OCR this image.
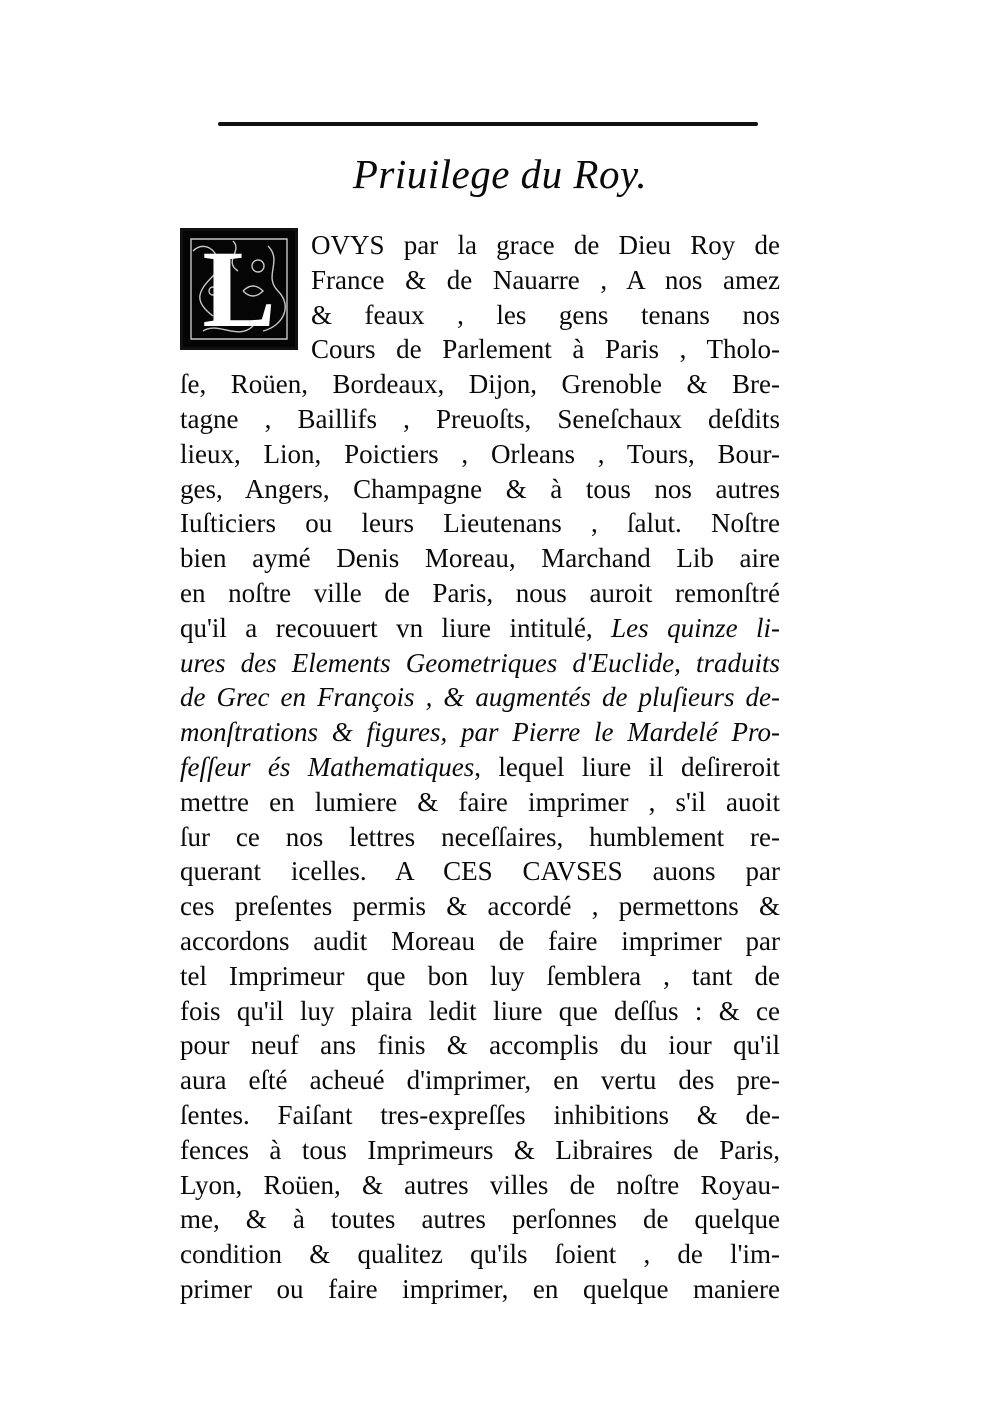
Priuilege du Roy.
OVYS par la grace de Dieu Roy de
France & de Nauarre , A nos amez
& feaux , les gens tenans nos
Cours de Parlement à Paris , Tholo-
ſe, Roüen, Bordeaux, Dijon, Grenoble & Bre-
tagne , Baillifs , Preuoſts, Seneſchaux deſdits
lieux, Lion, Poictiers , Orleans , Tours, Bour-
ges, Angers, Champagne & à tous nos autres
Iuſticiers ou leurs Lieutenans , ſalut. Noſtre
bien aymé Denis Moreau, Marchand Lib aire
en noſtre ville de Paris, nous auroit remonſtré
qu'il a recouuert vn liure intitulé, Les quinze li-
ures des Elements Geometriques d'Euclide, traduits
de Grec en François , & augmentés de pluſieurs de-
monſtrations & figures, par Pierre le Mardelé Pro-
feſſeur és Mathematiques, lequel liure il deſireroit
mettre en lumiere & faire imprimer , s'il auoit
ſur ce nos lettres neceſſaires, humblement re-
querant icelles. A CES CAVSES auons par
ces preſentes permis & accordé , permettons &
accordons audit Moreau de faire imprimer par
tel Imprimeur que bon luy ſemblera , tant de
fois qu'il luy plaira ledit liure que deſſus : & ce
pour neuf ans finis & accomplis du iour qu'il
aura eſté acheué d'imprimer, en vertu des pre-
ſentes. Faiſant tres-expreſſes inhibitions & de-
fences à tous Imprimeurs & Libraires de Paris,
Lyon, Roüen, & autres villes de noſtre Royau-
me, & à toutes autres perſonnes de quelque
condition & qualitez qu'ils ſoient , de l'im-
primer ou faire imprimer, en quelque maniere
L
